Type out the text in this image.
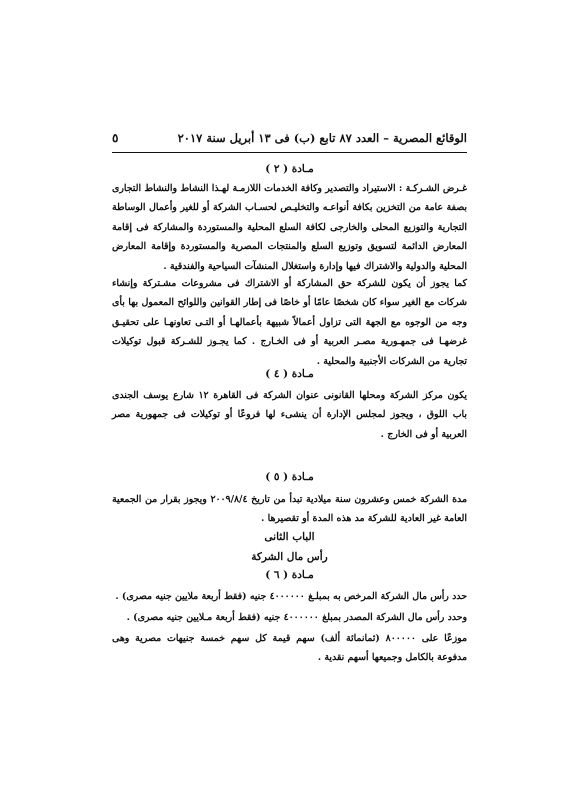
الوقائع المصرية – العدد ٨٧ تابع (ب) فى ١٣ أبريل سنة ٢٠١٧
٥
مـادة ( ٢ )

غـرض الشـركـة : الاستيراد والتصدير وكافة الخدمات اللازمـة لهـذا النشاط والنشاط التجارى بصفة عامة من التخزين بكافة أنواعـه والتخليـص لحسـاب الشركة أو للغير وأعمال الوساطة التجارية والتوزيع المحلى والخارجى لكافة السلع المحلية والمستوردة والمشاركة فى إقامة المعارض الدائمة لتسويق وتوزيع السلع والمنتجات المصرية والمستوردة وإقامة المعارض المحلية والدولية والاشتراك فيها وإدارة واستغلال المنشآت السياحية والفندقية .

كما يجوز أن يكون للشركة حق المشاركة أو الاشتراك فى مشروعات مشـتركة وإنشاء شركات مع الغير سواء كان شخصًا عامًا أو خاصًا فى إطار القوانين واللوائح المعمول بها بأى وجه من الوجوه مع الجهة التى تزاول أعمالاً شبيهة بأعمالهـا أو التـى تعاونهـا على تحقيـق غرضهـا فى جمهـورية مصـر العربية أو فى الخـارج . كما يجـوز للشـركة قبول توكيلات تجارية من الشركات الأجنبية والمحلية .

مـادة ( ٤ )

يكون مركز الشركة ومحلها القانونى عنوان الشركة فى القاهرة ١٢ شارع يوسف الجندى باب اللوق ، ويجوز لمجلس الإدارة أن ينشىء لها فروعًا أو توكيلات فى جمهورية مصر العربية أو فى الخارج .

مـادة ( ٥ )

مدة الشركة خمس وعشرون سنة ميلادية تبدأ من تاريخ ٢٠٠٩/٨/٤ ويجوز بقرار من الجمعية العامة غير العادية للشركة مد هذه المدة أو تقصيرها .

الباب الثانى
رأس مال الشركة
مـادة ( ٦ )

حدد رأس مال الشركة المرخص به بمبلـغ ٤٠٠٠٠٠٠ جنيه (فقط أربعة ملايين جنيه مصرى) .

وحدد رأس مال الشركة المصدر بمبلغ ٤٠٠٠٠٠٠ جنيه (فقط أربعة مـلايين جنيه مصرى) .

موزعًا على ٨٠٠٠٠٠ (ثمانمائة ألف) سهم قيمة كل سهم خمسة جنيهات مصرية وهى مدفوعة بالكامل وجميعها أسهم نقدية .
